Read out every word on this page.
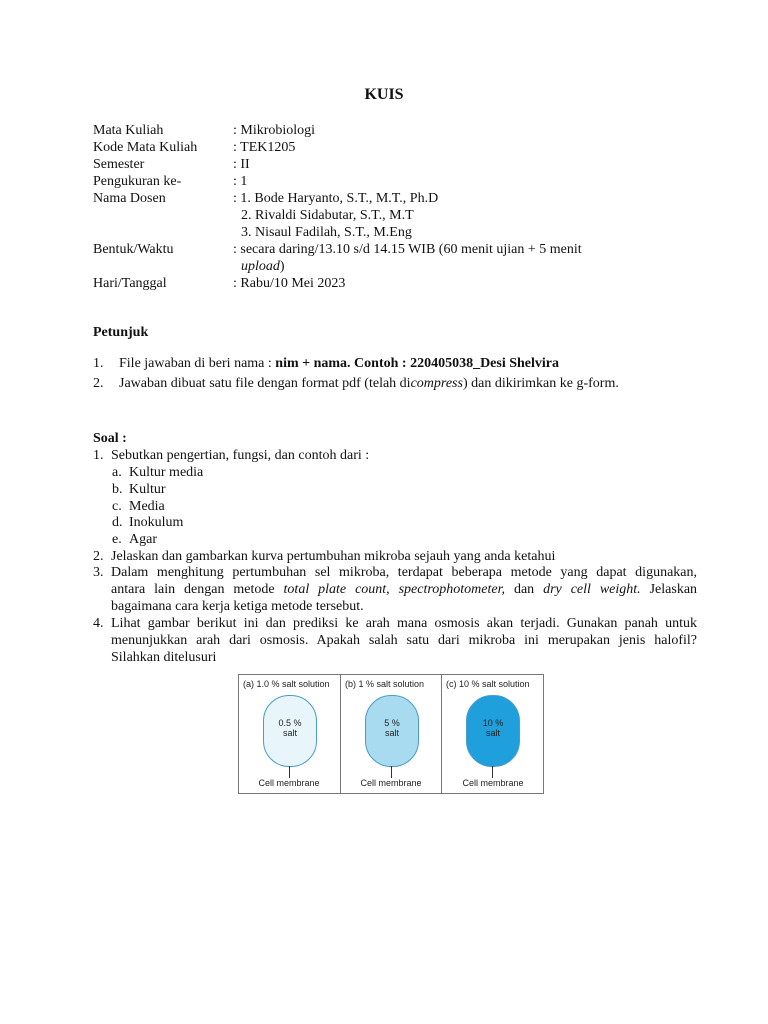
KUIS
Mata Kuliah	: Mikrobiologi
Kode Mata Kuliah	: TEK1205
Semester	: II
Pengukuran ke-	: 1
Nama Dosen	: 1. Bode Haryanto, S.T., M.T., Ph.D
2. Rivaldi Sidabutar, S.T., M.T
3. Nisaul Fadilah, S.T., M.Eng
Bentuk/Waktu	: secara daring/13.10 s/d 14.15 WIB (60 menit ujian + 5 menit
upload)
Hari/Tanggal	: Rabu/10 Mei 2023
Petunjuk
1.	File jawaban di beri nama : nim + nama. Contoh : 220405038_Desi Shelvira
2.	Jawaban dibuat satu file dengan format pdf (telah dicompress) dan dikirimkan ke g-form.
Soal :
1. Sebutkan pengertian, fungsi, dan contoh dari :
a. Kultur media
b. Kultur
c. Media
d. Inokulum
e. Agar
2. Jelaskan dan gambarkan kurva pertumbuhan mikroba sejauh yang anda ketahui
3. Dalam menghitung pertumbuhan sel mikroba, terdapat beberapa metode yang dapat digunakan,
antara lain dengan metode total plate count, spectrophotometer, dan dry cell weight. Jelaskan
bagaimana cara kerja ketiga metode tersebut.
4. Lihat gambar berikut ini dan prediksi ke arah mana osmosis akan terjadi. Gunakan panah untuk
menunjukkan arah dari osmosis. Apakah salah satu dari mikroba ini merupakan jenis halofil?
Silahkan ditelusuri
(a) 1.0 % salt solution
0.5 %
salt
Cell membrane
(b) 1 % salt solution
5 %
salt
Cell membrane
(c) 10 % salt solution
10 %
salt
Cell membrane
